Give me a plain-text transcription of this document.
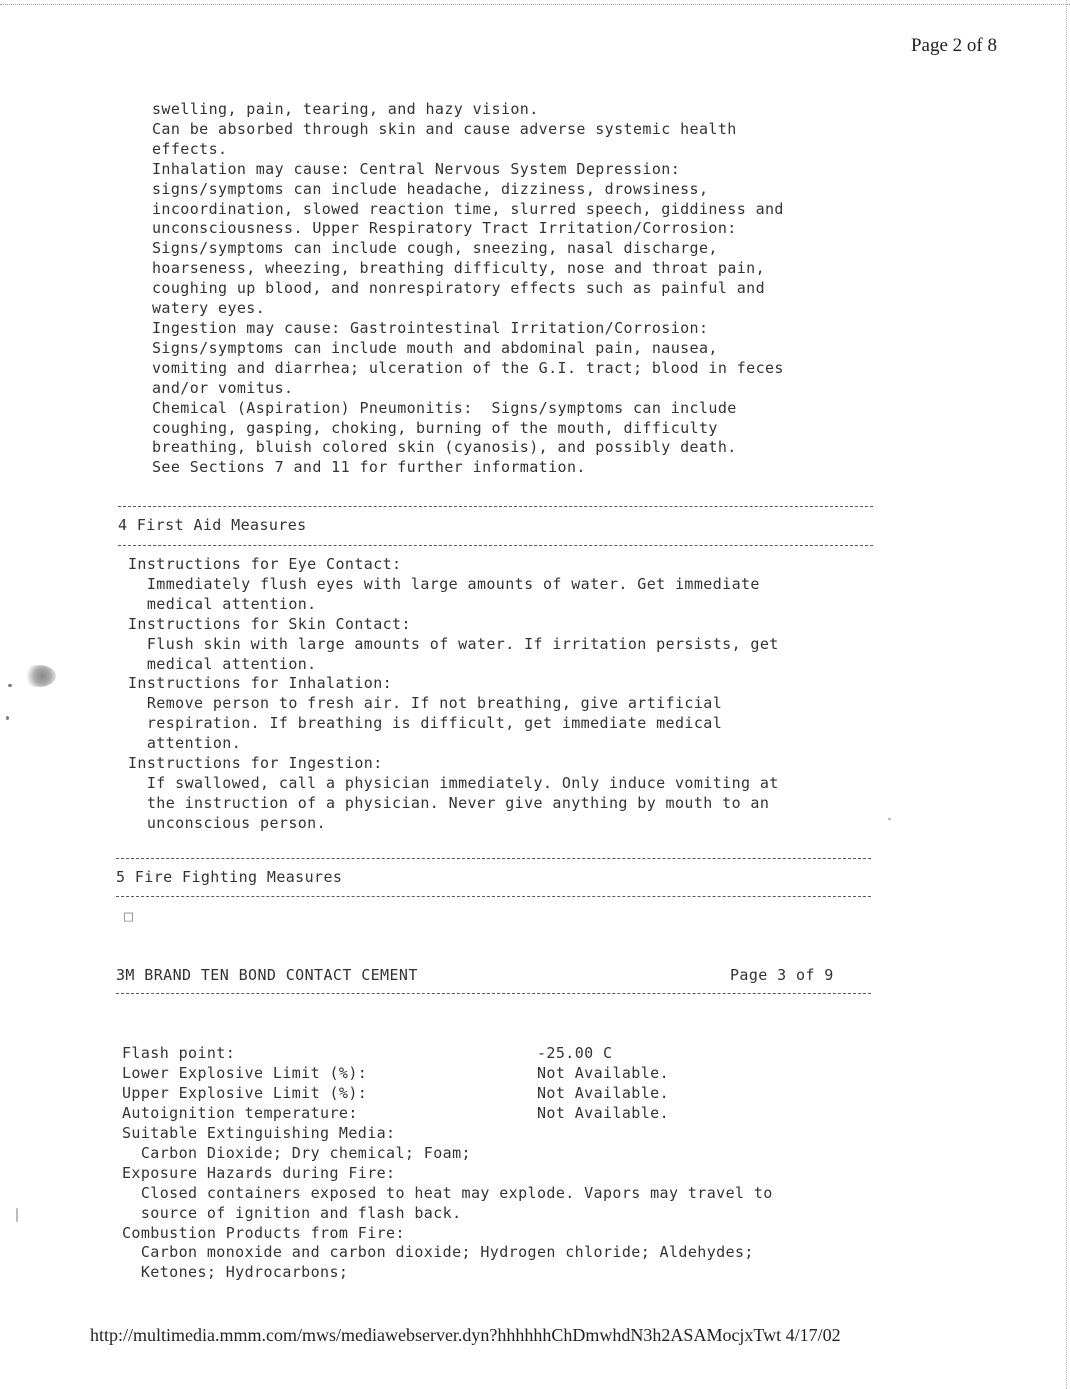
Page 2 of 8
swelling, pain, tearing, and hazy vision.
Can be absorbed through skin and cause adverse systemic health
effects.
Inhalation may cause: Central Nervous System Depression:
signs/symptoms can include headache, dizziness, drowsiness,
incoordination, slowed reaction time, slurred speech, giddiness and
unconsciousness. Upper Respiratory Tract Irritation/Corrosion:
Signs/symptoms can include cough, sneezing, nasal discharge,
hoarseness, wheezing, breathing difficulty, nose and throat pain,
coughing up blood, and nonrespiratory effects such as painful and
watery eyes.
Ingestion may cause: Gastrointestinal Irritation/Corrosion:
Signs/symptoms can include mouth and abdominal pain, nausea,
vomiting and diarrhea; ulceration of the G.I. tract; blood in feces
and/or vomitus.
Chemical (Aspiration) Pneumonitis:  Signs/symptoms can include
coughing, gasping, choking, burning of the mouth, difficulty
breathing, bluish colored skin (cyanosis), and possibly death.
See Sections 7 and 11 for further information.
4 First Aid Measures
Instructions for Eye Contact:
Immediately flush eyes with large amounts of water. Get immediate
medical attention.
Instructions for Skin Contact:
Flush skin with large amounts of water. If irritation persists, get
medical attention.
Instructions for Inhalation:
Remove person to fresh air. If not breathing, give artificial
respiration. If breathing is difficult, get immediate medical
attention.
Instructions for Ingestion:
If swallowed, call a physician immediately. Only induce vomiting at
the instruction of a physician. Never give anything by mouth to an
unconscious person.
5 Fire Fighting Measures
□
3M BRAND TEN BOND CONTACT CEMENT	Page 3 of 9
Flash point:	-25.00 C
Lower Explosive Limit (%):	Not Available.
Upper Explosive Limit (%):	Not Available.
Autoignition temperature:	Not Available.
Suitable Extinguishing Media:
Carbon Dioxide; Dry chemical; Foam;
Exposure Hazards during Fire:
Closed containers exposed to heat may explode. Vapors may travel to
source of ignition and flash back.
Combustion Products from Fire:
Carbon monoxide and carbon dioxide; Hydrogen chloride; Aldehydes;
Ketones; Hydrocarbons;
http://multimedia.mmm.com/mws/mediawebserver.dyn?hhhhhhChDmwhdN3h2ASAMocjxTwt 4/17/02
